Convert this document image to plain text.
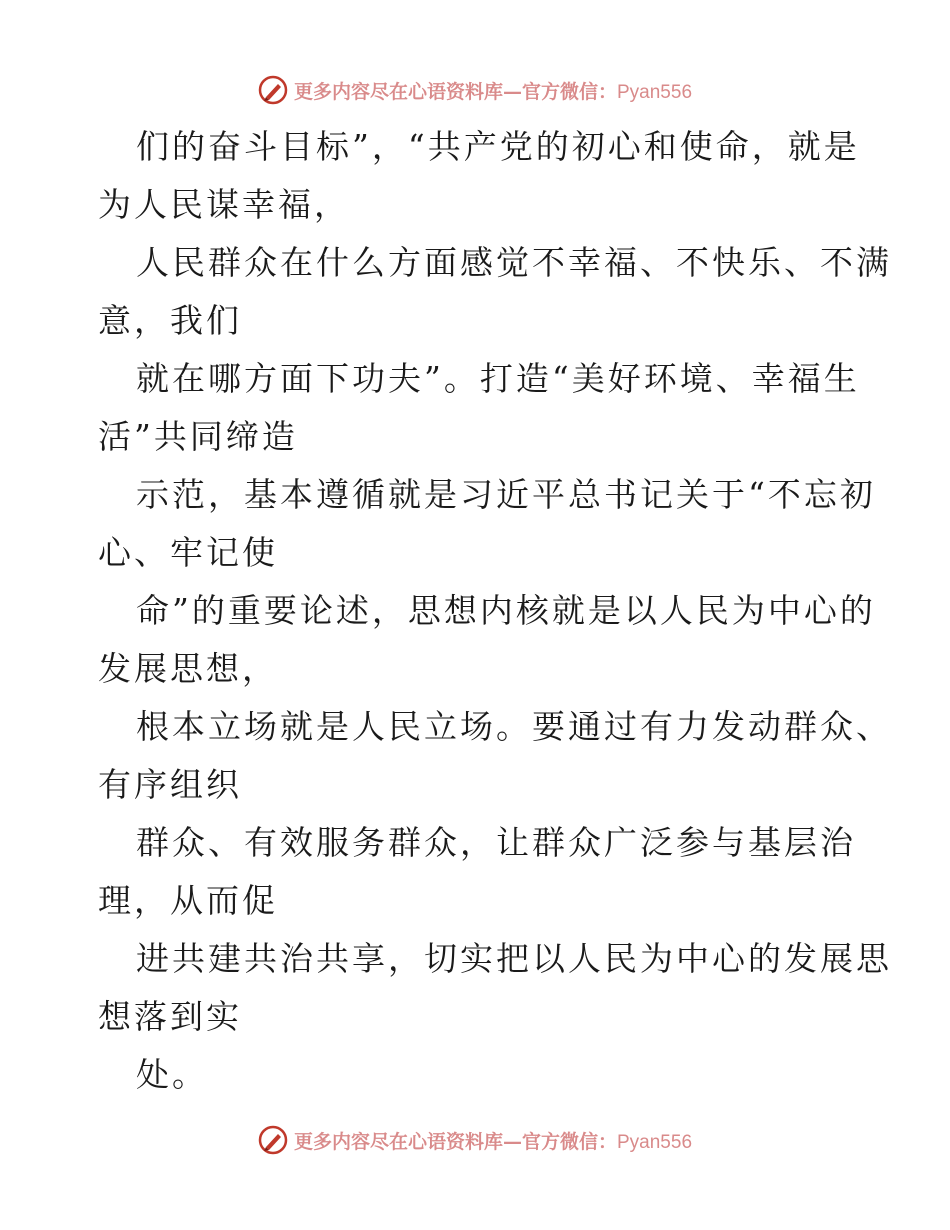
更多内容尽在心语资料库—官方微信：Pyan556
们的奋斗目标”，“共产党的初心和使命，就是
为人民谋幸福，
人民群众在什么方面感觉不幸福、不快乐、不满
意，我们
就在哪方面下功夫”。打造“美好环境、幸福生
活”共同缔造
示范，基本遵循就是习近平总书记关于“不忘初
心、牢记使
命”的重要论述，思想内核就是以人民为中心的
发展思想，
根本立场就是人民立场。要通过有力发动群众、
有序组织
群众、有效服务群众，让群众广泛参与基层治
理，从而促
进共建共治共享，切实把以人民为中心的发展思
想落到实
处。
更多内容尽在心语资料库—官方微信：Pyan556
